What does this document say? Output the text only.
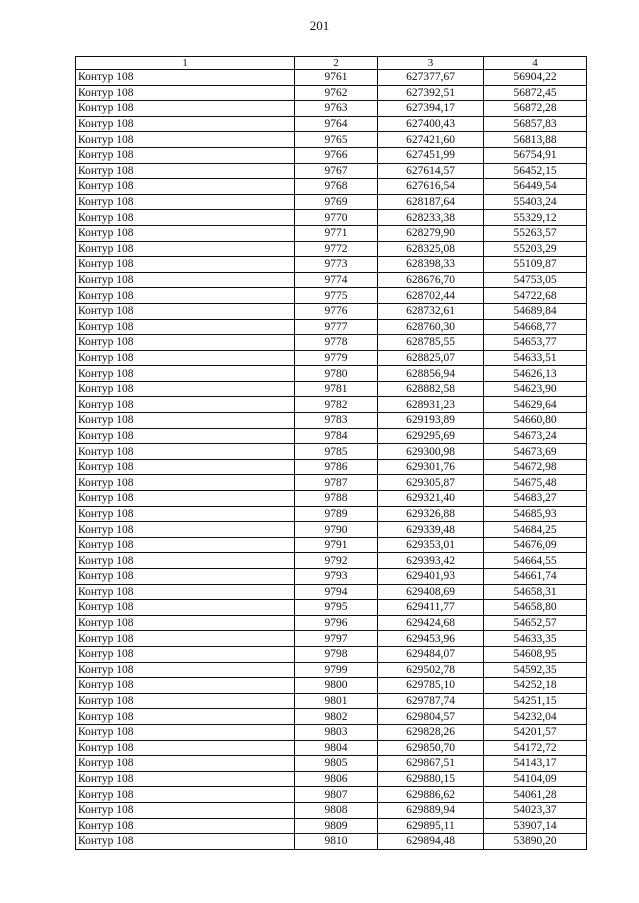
201
1	2	3	4
Контур 108	9761	627377,67	56904,22
Контур 108	9762	627392,51	56872,45
Контур 108	9763	627394,17	56872,28
Контур 108	9764	627400,43	56857,83
Контур 108	9765	627421,60	56813,88
Контур 108	9766	627451,99	56754,91
Контур 108	9767	627614,57	56452,15
Контур 108	9768	627616,54	56449,54
Контур 108	9769	628187,64	55403,24
Контур 108	9770	628233,38	55329,12
Контур 108	9771	628279,90	55263,57
Контур 108	9772	628325,08	55203,29
Контур 108	9773	628398,33	55109,87
Контур 108	9774	628676,70	54753,05
Контур 108	9775	628702,44	54722,68
Контур 108	9776	628732,61	54689,84
Контур 108	9777	628760,30	54668,77
Контур 108	9778	628785,55	54653,77
Контур 108	9779	628825,07	54633,51
Контур 108	9780	628856,94	54626,13
Контур 108	9781	628882,58	54623,90
Контур 108	9782	628931,23	54629,64
Контур 108	9783	629193,89	54660,80
Контур 108	9784	629295,69	54673,24
Контур 108	9785	629300,98	54673,69
Контур 108	9786	629301,76	54672,98
Контур 108	9787	629305,87	54675,48
Контур 108	9788	629321,40	54683,27
Контур 108	9789	629326,88	54685,93
Контур 108	9790	629339,48	54684,25
Контур 108	9791	629353,01	54676,09
Контур 108	9792	629393,42	54664,55
Контур 108	9793	629401,93	54661,74
Контур 108	9794	629408,69	54658,31
Контур 108	9795	629411,77	54658,80
Контур 108	9796	629424,68	54652,57
Контур 108	9797	629453,96	54633,35
Контур 108	9798	629484,07	54608,95
Контур 108	9799	629502,78	54592,35
Контур 108	9800	629785,10	54252,18
Контур 108	9801	629787,74	54251,15
Контур 108	9802	629804,57	54232,04
Контур 108	9803	629828,26	54201,57
Контур 108	9804	629850,70	54172,72
Контур 108	9805	629867,51	54143,17
Контур 108	9806	629880,15	54104,09
Контур 108	9807	629886,62	54061,28
Контур 108	9808	629889,94	54023,37
Контур 108	9809	629895,11	53907,14
Контур 108	9810	629894,48	53890,20
